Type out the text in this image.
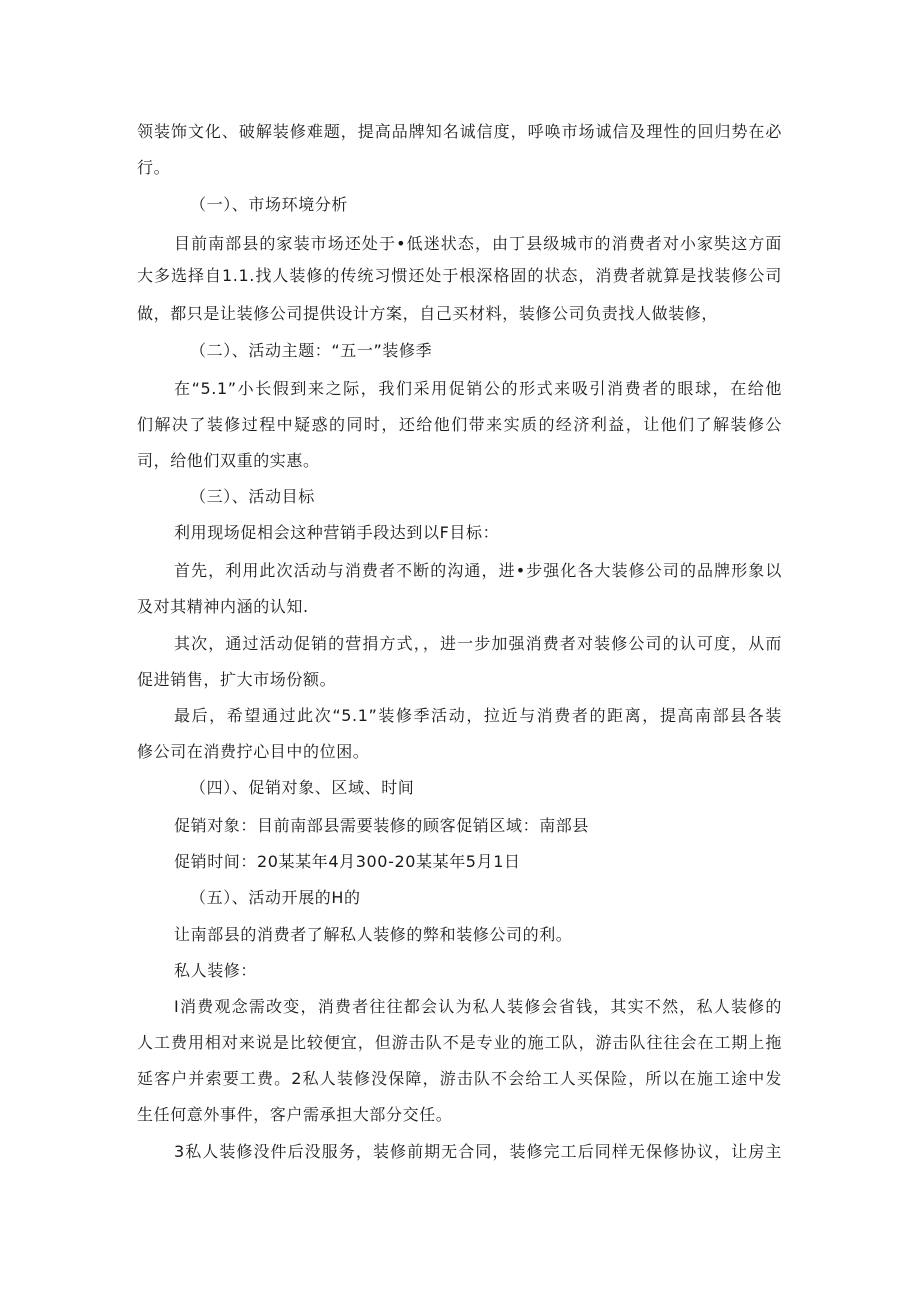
领装饰文化、破解装修难题，提高品牌知名诚信度，呼唤市场诚信及理性的回归势在必
行。
（一）、市场环境分析
目前南部县的家装市场还处于•低迷状态，由丁县级城市的消费者对小家奘这方面
大多选择自1.1.找人装修的传统习惯还处于根深格固的状态，消费者就算是找装修公司
做，都只是让装修公司提供设计方案，自己买材料，装修公司负责找人做装修，
（二）、活动主题：“五一”装修季
在“5.1”小长假到来之际，我们采用促销公的形式来吸引消费者的眼球，在给他
们解决了装修过程中疑惑的同时，还给他们带来实质的经济利益，让他们了解装修公
司，给他们双重的实惠。
（三）、活动目标
利用现场促相会这种营销手段达到以F目标：
首先，利用此次活动与消费者不断的沟通，进•步强化各大装修公司的品牌形象以
及对其精神内涵的认知.
其次，通过活动促销的营捐方式，，进一步加强消费者对装修公司的认可度，从而
促进销售，扩大市场份额。
最后，希望通过此次“5.1”装修季活动，拉近与消费者的距离，提高南部县各装
修公司在消费拧心目中的位困。
（四）、促销对象、区域、时间
促销对象：目前南部县需要装修的顾客促销区域：南部县
促销时间：20某某年4月300-20某某年5月1日
（五）、活动开展的H的
让南部县的消费者了解私人装修的弊和装修公司的利。
私人装修：
I消费观念需改变，消费者往往都会认为私人装修会省钱，其实不然，私人装修的
人工费用相对来说是比较便宜，但游击队不是专业的施工队，游击队往往会在工期上拖
延客户并索要工费。2私人装修没保障，游击队不会给工人买保险，所以在施工途中发
生任何意外事件，客户需承担大部分交任。
3私人装修没件后没服务，装修前期无合同，装修完工后同样无保修协议，让房主
